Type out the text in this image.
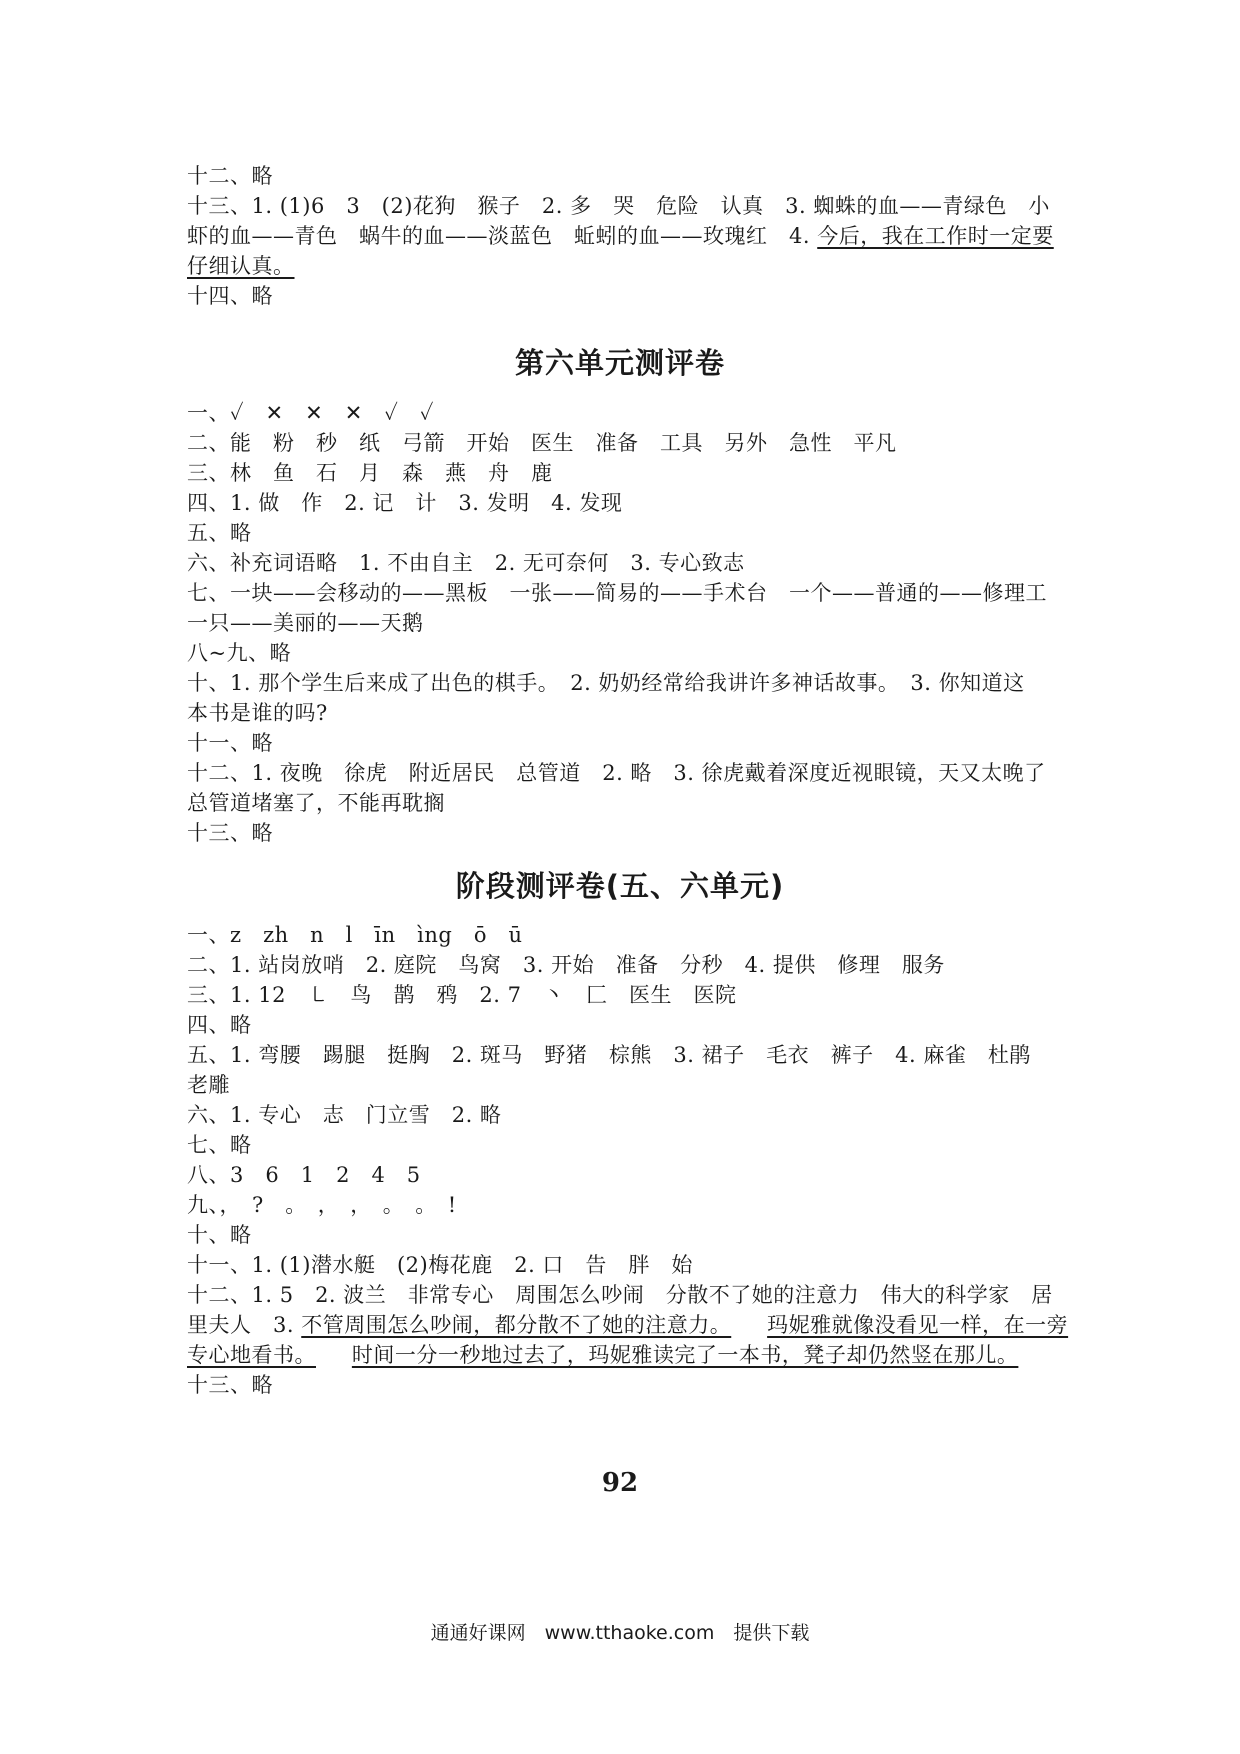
十二、略
十三、1. (1)6　3　(2)花狗　猴子　2. 多　哭　危险　认真　3. 蜘蛛的血——青绿色　小
虾的血——青色　蜗牛的血——淡蓝色　蚯蚓的血——玫瑰红　4. 今后，我在工作时一定要
仔细认真。
十四、略
第六单元测评卷
一、✓　✕　✕　✕　✓　✓
二、能　粉　秒　纸　弓箭　开始　医生　准备　工具　另外　急性　平凡
三、林　鱼　石　月　森　燕　舟　鹿
四、1. 做　作　2. 记　计　3. 发明　4. 发现
五、略
六、补充词语略　1. 不由自主　2. 无可奈何　3. 专心致志
七、一块——会移动的——黑板　一张——简易的——手术台　一个——普通的——修理工
一只——美丽的——天鹅
八~九、略
十、1. 那个学生后来成了出色的棋手。　2. 奶奶经常给我讲许多神话故事。　3. 你知道这
本书是谁的吗?
十一、略
十二、1. 夜晚　徐虎　附近居民　总管道　2. 略　3. 徐虎戴着深度近视眼镜，天又太晚了
总管道堵塞了，不能再耽搁
十三、略
阶段测评卷(五、六单元)
一、z　zh　n　l　īn　ìng　ō　ū
二、1. 站岗放哨　2. 庭院　鸟窝　3. 开始　准备　分秒　4. 提供　修理　服务
三、1. 12　㇄　鸟　鹊　鸦　2. 7　丶　匚　医生　医院
四、略
五、1. 弯腰　踢腿　挺胸　2. 斑马　野猪　棕熊　3. 裙子　毛衣　裤子　4. 麻雀　杜鹃
老雕
六、1. 专心　志　门立雪　2. 略
七、略
八、3　6　1　2　4　5
九、，　?　。　，　，　。　。　!
十、略
十一、1. (1)潜水艇　(2)梅花鹿　2. 口　告　胖　始
十二、1. 5　2. 波兰　非常专心　周围怎么吵闹　分散不了她的注意力　伟大的科学家　居
里夫人　3. 不管周围怎么吵闹，都分散不了她的注意力。 　 玛妮雅就像没看见一样，在一旁
专心地看书。 　 时间一分一秒地过去了，玛妮雅读完了一本书，凳子却仍然竖在那儿。
十三、略
92
通通好课网　www.tthaoke.com　提供下载
